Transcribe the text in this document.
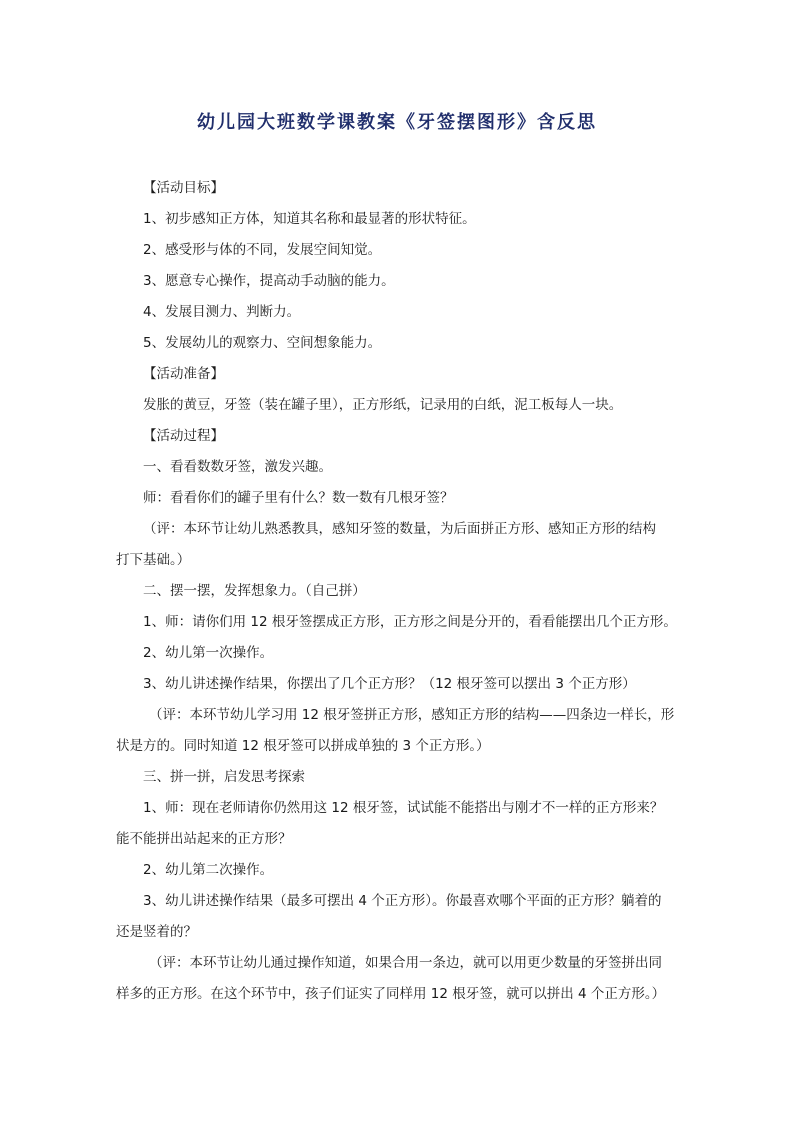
幼儿园大班数学课教案《牙签摆图形》含反思

【活动目标】

1、初步感知正方体，知道其名称和最显著的形状特征。

2、感受形与体的不同，发展空间知觉。

3、愿意专心操作，提高动手动脑的能力。

4、发展目测力、判断力。

5、发展幼儿的观察力、空间想象能力。

【活动准备】

发胀的黄豆，牙签（装在罐子里），正方形纸，记录用的白纸，泥工板每人一块。

【活动过程】

一、看看数数牙签，激发兴趣。

师：看看你们的罐子里有什么？数一数有几根牙签？

（评：本环节让幼儿熟悉教具，感知牙签的数量，为后面拼正方形、感知正方形的结构

打下基础。）

二、摆一摆，发挥想象力。（自己拼）

1、师：请你们用 12 根牙签摆成正方形，正方形之间是分开的，看看能摆出几个正方形。

2、幼儿第一次操作。

3、幼儿讲述操作结果，你摆出了几个正方形？（12 根牙签可以摆出 3 个正方形）

（评：本环节幼儿学习用 12 根牙签拼正方形，感知正方形的结构——四条边一样长，形

状是方的。同时知道 12 根牙签可以拼成单独的 3 个正方形。）

三、拼一拼，启发思考探索

1、师：现在老师请你仍然用这 12 根牙签，试试能不能搭出与刚才不一样的正方形来？

能不能拼出站起来的正方形？

2、幼儿第二次操作。

3、幼儿讲述操作结果（最多可摆出 4 个正方形）。你最喜欢哪个平面的正方形？躺着的

还是竖着的？

（评：本环节让幼儿通过操作知道，如果合用一条边，就可以用更少数量的牙签拼出同

样多的正方形。在这个环节中，孩子们证实了同样用 12 根牙签，就可以拼出 4 个正方形。）
